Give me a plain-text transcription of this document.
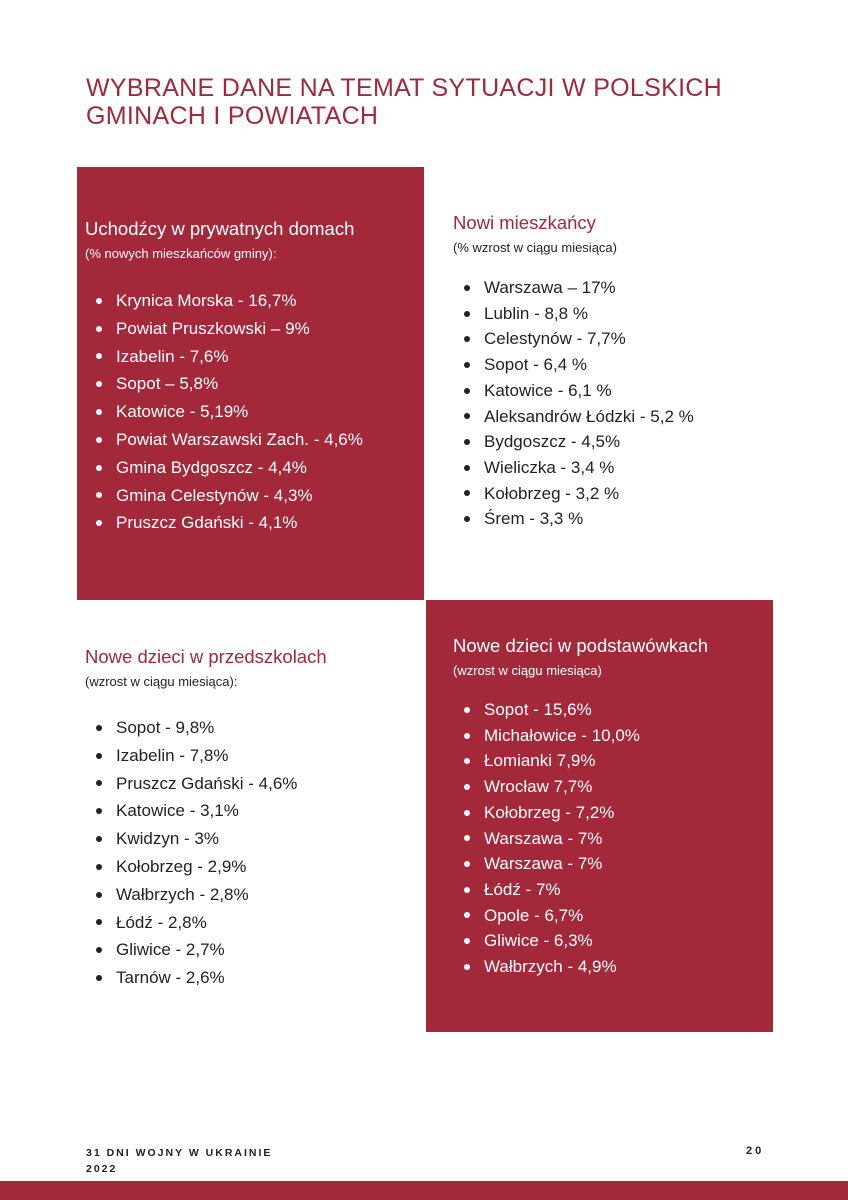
WYBRANE DANE NA TEMAT SYTUACJI W POLSKICH GMINACH I POWIATACH
Uchodźcy w prywatnych domach

(% nowych mieszkańców gminy):

Krynica Morska - 16,7%
Powiat Pruszkowski – 9%
Izabelin - 7,6%
Sopot – 5,8%
Katowice - 5,19%
Powiat Warszawski Zach. - 4,6%
Gmina Bydgoszcz - 4,4%
Gmina Celestynów - 4,3%
Pruszcz Gdański - 4,1%
Nowi mieszkańcy

(% wzrost w ciągu miesiąca)

Warszawa – 17%
Lublin - 8,8 %
Celestynów - 7,7%
Sopot - 6,4 %
Katowice - 6,1 %
Aleksandrów Łódzki - 5,2 %
Bydgoszcz - 4,5%
Wieliczka - 3,4 %
Kołobrzeg - 3,2 %
Śrem - 3,3 %
Nowe dzieci w przedszkolach

(wzrost w ciągu miesiąca):

Sopot - 9,8%
Izabelin - 7,8%
Pruszcz Gdański - 4,6%
Katowice - 3,1%
Kwidzyn - 3%
Kołobrzeg - 2,9%
Wałbrzych - 2,8%
Łódź - 2,8%
Gliwice - 2,7%
Tarnów - 2,6%
Nowe dzieci w podstawówkach

(wzrost w ciągu miesiąca)

Sopot - 15,6%
Michałowice - 10,0%
Łomianki 7,9%
Wrocław 7,7%
Kołobrzeg - 7,2%
Warszawa - 7%
Warszawa - 7%
Łódź - 7%
Opole - 6,7%
Gliwice - 6,3%
Wałbrzych - 4,9%
31 DNI WOJNY W UKRAINIE
2022
20
